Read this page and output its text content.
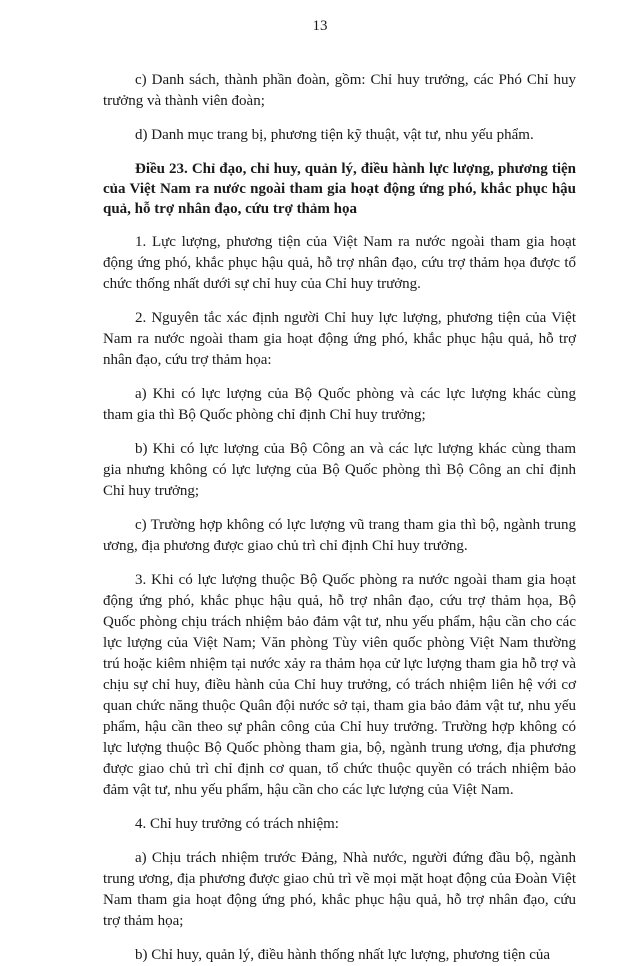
13

c) Danh sách, thành phần đoàn, gồm: Chỉ huy trưởng, các Phó Chỉ huy trưởng và thành viên đoàn;

d) Danh mục trang bị, phương tiện kỹ thuật, vật tư, nhu yếu phẩm.

Điều 23. Chỉ đạo, chỉ huy, quản lý, điều hành lực lượng, phương tiện của Việt Nam ra nước ngoài tham gia hoạt động ứng phó, khắc phục hậu quả, hỗ trợ nhân đạo, cứu trợ thảm họa

1. Lực lượng, phương tiện của Việt Nam ra nước ngoài tham gia hoạt động ứng phó, khắc phục hậu quả, hỗ trợ nhân đạo, cứu trợ thảm họa được tổ chức thống nhất dưới sự chỉ huy của Chỉ huy trưởng.

2. Nguyên tắc xác định người Chỉ huy lực lượng, phương tiện của Việt Nam ra nước ngoài tham gia hoạt động ứng phó, khắc phục hậu quả, hỗ trợ nhân đạo, cứu trợ thảm họa:

a) Khi có lực lượng của Bộ Quốc phòng và các lực lượng khác cùng tham gia thì Bộ Quốc phòng chỉ định Chỉ huy trưởng;

b) Khi có lực lượng của Bộ Công an và các lực lượng khác cùng tham gia nhưng không có lực lượng của Bộ Quốc phòng thì Bộ Công an chỉ định Chỉ huy trưởng;

c) Trường hợp không có lực lượng vũ trang tham gia thì bộ, ngành trung ương, địa phương được giao chủ trì chỉ định Chỉ huy trưởng.

3. Khi có lực lượng thuộc Bộ Quốc phòng ra nước ngoài tham gia hoạt động ứng phó, khắc phục hậu quả, hỗ trợ nhân đạo, cứu trợ thảm họa, Bộ Quốc phòng chịu trách nhiệm bảo đảm vật tư, nhu yếu phẩm, hậu cần cho các lực lượng của Việt Nam; Văn phòng Tùy viên quốc phòng Việt Nam thường trú hoặc kiêm nhiệm tại nước xảy ra thảm họa cử lực lượng tham gia hỗ trợ và chịu sự chỉ huy, điều hành của Chỉ huy trưởng, có trách nhiệm liên hệ với cơ quan chức năng thuộc Quân đội nước sở tại, tham gia bảo đảm vật tư, nhu yếu phẩm, hậu cần theo sự phân công của Chỉ huy trưởng. Trường hợp không có lực lượng thuộc Bộ Quốc phòng tham gia, bộ, ngành trung ương, địa phương được giao chủ trì chỉ định cơ quan, tổ chức thuộc quyền có trách nhiệm bảo đảm vật tư, nhu yếu phẩm, hậu cần cho các lực lượng của Việt Nam.

4. Chỉ huy trưởng có trách nhiệm:

a) Chịu trách nhiệm trước Đảng, Nhà nước, người đứng đầu bộ, ngành trung ương, địa phương được giao chủ trì về mọi mặt hoạt động của Đoàn Việt Nam tham gia hoạt động ứng phó, khắc phục hậu quả, hỗ trợ nhân đạo, cứu trợ thảm họa;

b) Chỉ huy, quản lý, điều hành thống nhất lực lượng, phương tiện của
